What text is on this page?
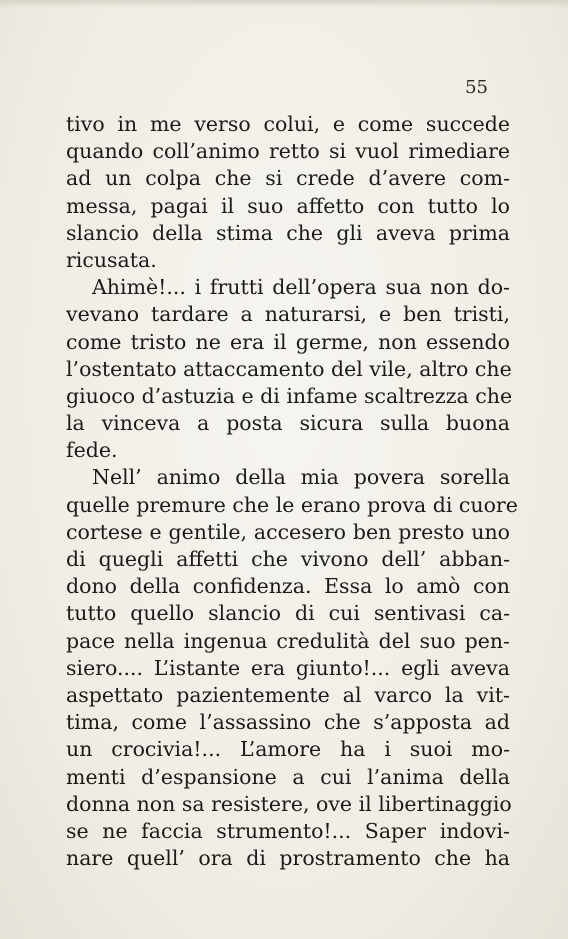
55
tivo in me verso colui, e come succede
quando coll’animo retto si vuol rimediare
ad un colpa che si crede d’avere com-
messa, pagai il suo affetto con tutto lo
slancio della stima che gli aveva prima
ricusata.
Ahimè!... i frutti dell’opera sua non do-
vevano tardare a naturarsi, e ben tristi,
come tristo ne era il germe, non essendo
l’ostentato attaccamento del vile, altro che
giuoco d’astuzia e di infame scaltrezza che
la vinceva a posta sicura sulla buona
fede.
Nell’ animo della mia povera sorella
quelle premure che le erano prova di cuore
cortese e gentile, accesero ben presto uno
di quegli affetti che vivono dell’ abban-
dono della confidenza. Essa lo amò con
tutto quello slancio di cui sentivasi ca-
pace nella ingenua credulità del suo pen-
siero.... L’istante era giunto!... egli aveva
aspettato pazientemente al varco la vit-
tima, come l’assassino che s’apposta ad
un crocivia!... L’amore ha i suoi mo-
menti d’espansione a cui l’anima della
donna non sa resistere, ove il libertinaggio
se ne faccia strumento!... Saper indovi-
nare quell’ ora di prostramento che ha
